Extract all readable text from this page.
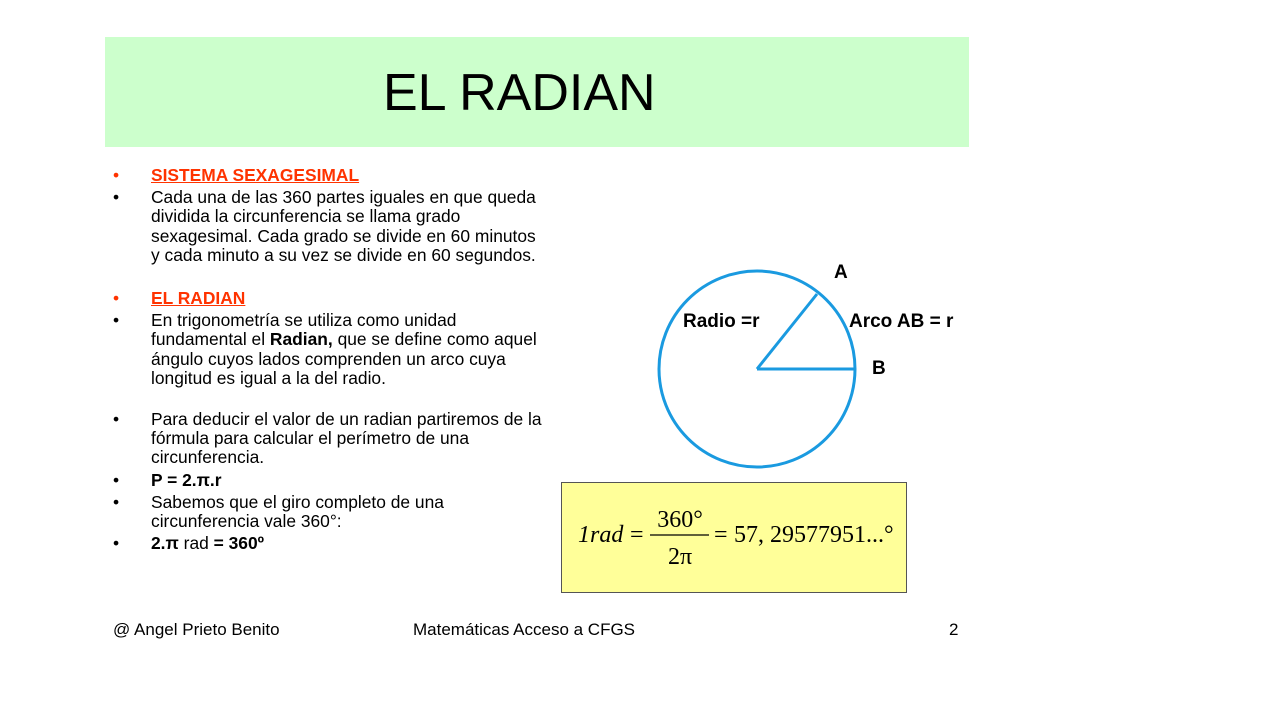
EL RADIAN
•	SISTEMA SEXAGESIMAL
•	Cada una de las 360 partes iguales en que queda dividida la circunferencia se llama grado sexagesimal. Cada grado se divide en 60 minutos y cada minuto a su vez se divide en 60 segundos.
•	EL RADIAN
•	En trigonometría se utiliza como unidad fundamental el Radian, que se define como aquel ángulo cuyos lados comprenden un arco cuya longitud es igual a la del radio.
•	Para deducir el valor de un radian partiremos de la fórmula para calcular el perímetro de una circunferencia.
•	P = 2.π.r
•	Sabemos que el giro completo de una circunferencia vale 360°:
•	2.π rad = 360º
A
B
Radio =r	Arco AB = r
1rad =
360°
2π
= 57, 29577951...°
@ Angel Prieto Benito	Matemáticas Acceso a CFGS	2
